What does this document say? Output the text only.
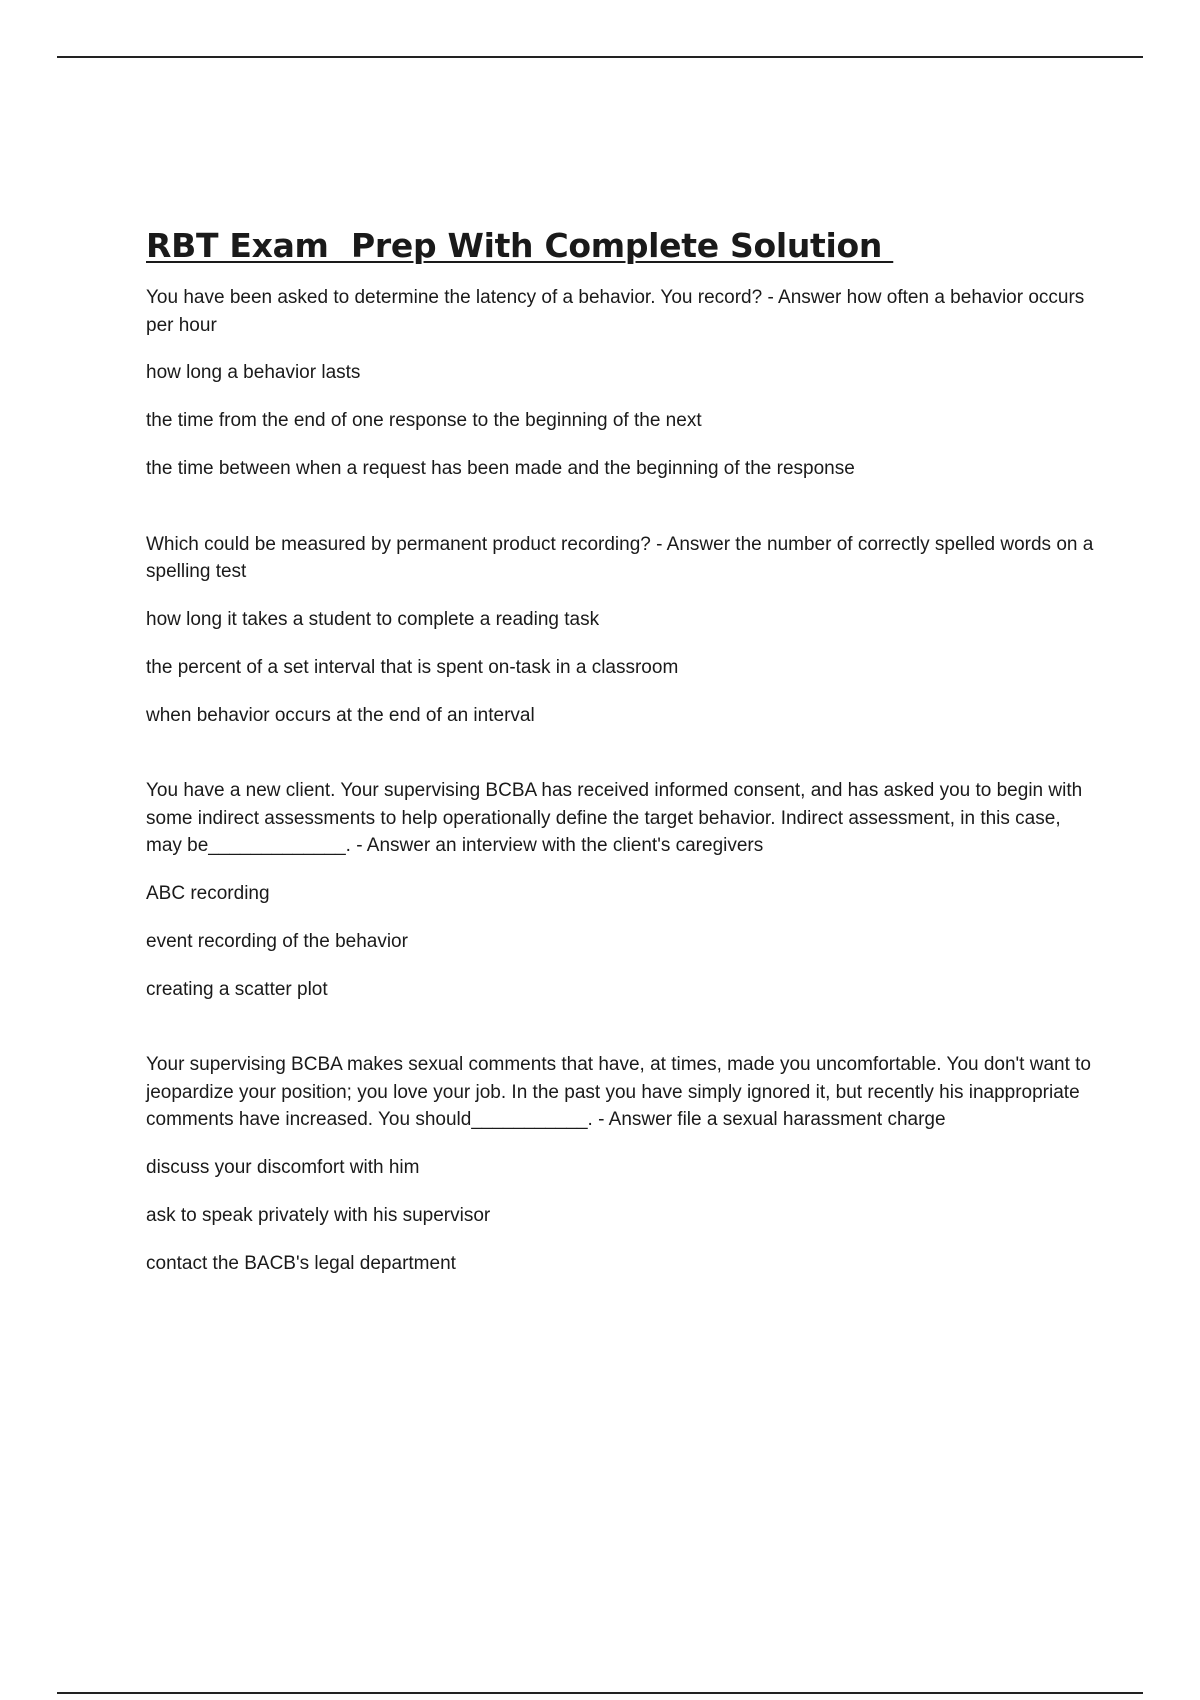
RBT Exam  Prep With Complete Solution

You have been asked to determine the latency of a behavior. You record? - Answer how often a behavior occurs per hour

how long a behavior lasts

the time from the end of one response to the beginning of the next

the time between when a request has been made and the beginning of the response

Which could be measured by permanent product recording? - Answer the number of correctly spelled words on a spelling test

how long it takes a student to complete a reading task

the percent of a set interval that is spent on-task in a classroom

when behavior occurs at the end of an interval

You have a new client. Your supervising BCBA has received informed consent, and has asked you to begin with some indirect assessments to help operationally define the target behavior. Indirect assessment, in this case, may be_____________. - Answer an interview with the client's caregivers

ABC recording

event recording of the behavior

creating a scatter plot

Your supervising BCBA makes sexual comments that have, at times, made you uncomfortable. You don't want to jeopardize your position; you love your job. In the past you have simply ignored it, but recently his inappropriate comments have increased. You should___________. - Answer file a sexual harassment charge

discuss your discomfort with him

ask to speak privately with his supervisor

contact the BACB's legal department
